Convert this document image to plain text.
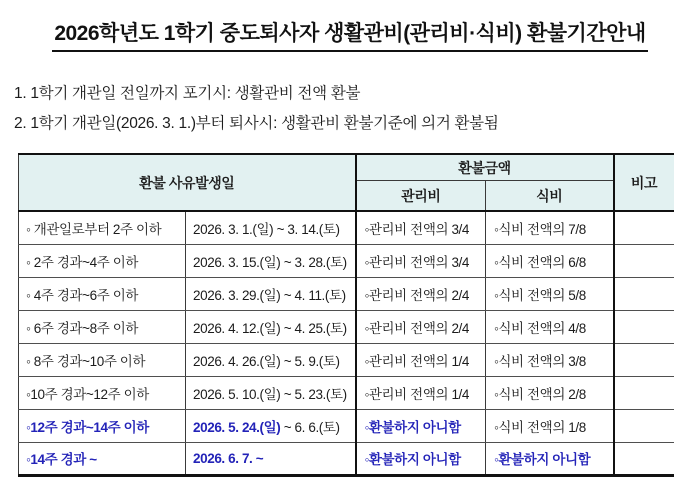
2026학년도 1학기 중도퇴사자 생활관비(관리비·식비) 환불기간안내
1. 1학기 개관일 전일까지 포기시: 생활관비 전액 환불
2. 1학기 개관일(2026. 3. 1.)부터 퇴사시: 생활관비 환불기준에 의거 환불됨
환불 사유발생일		환불금액		비고
		관리비	식비	
◦ 개관일로부터 2주 이하	2026. 3. 1.(일) ~ 3. 14.(토)	◦관리비 전액의 3/4	◦식비 전액의 7/8	
◦ 2주 경과~4주 이하	2026. 3. 15.(일) ~ 3. 28.(토)	◦관리비 전액의 3/4	◦식비 전액의 6/8	
◦ 4주 경과~6주 이하	2026. 3. 29.(일) ~ 4. 11.(토)	◦관리비 전액의 2/4	◦식비 전액의 5/8	
◦ 6주 경과~8주 이하	2026. 4. 12.(일) ~ 4. 25.(토)	◦관리비 전액의 2/4	◦식비 전액의 4/8	
◦ 8주 경과~10주 이하	2026. 4. 26.(일) ~ 5. 9.(토)	◦관리비 전액의 1/4	◦식비 전액의 3/8	
◦10주 경과~12주 이하	2026. 5. 10.(일) ~ 5. 23.(토)	◦관리비 전액의 1/4	◦식비 전액의 2/8	
◦12주 경과~14주 이하	2026. 5. 24.(일) ~ 6. 6.(토)	◦환불하지 아니함	◦식비 전액의 1/8	
◦14주 경과 ~	2026. 6. 7. ~	◦환불하지 아니함	◦환불하지 아니함	
